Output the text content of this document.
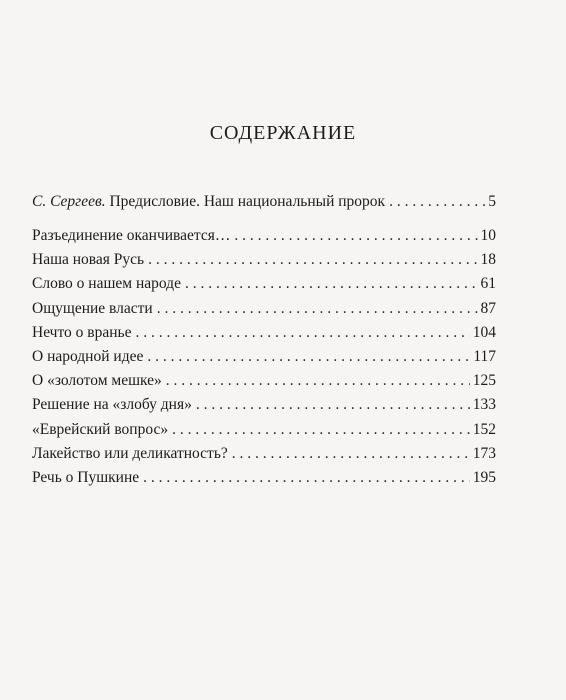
СОДЕРЖАНИЕ
С. Сергеев. Предисловие. Наш национальный пророк . . .	5
Разъединение оканчивается… . . .	10
Наша новая Русь . . .	18
Слово о нашем народе . . .	61
Ощущение власти . . .	87
Нечто о вранье . . .	104
О народной идее . . .	117
О «золотом мешке» . . .	125
Решение на «злобу дня» . . .	133
«Еврейский вопрос» . . .	152
Лакейство или деликатность? . . .	173
Речь о Пушкине . . .	195
